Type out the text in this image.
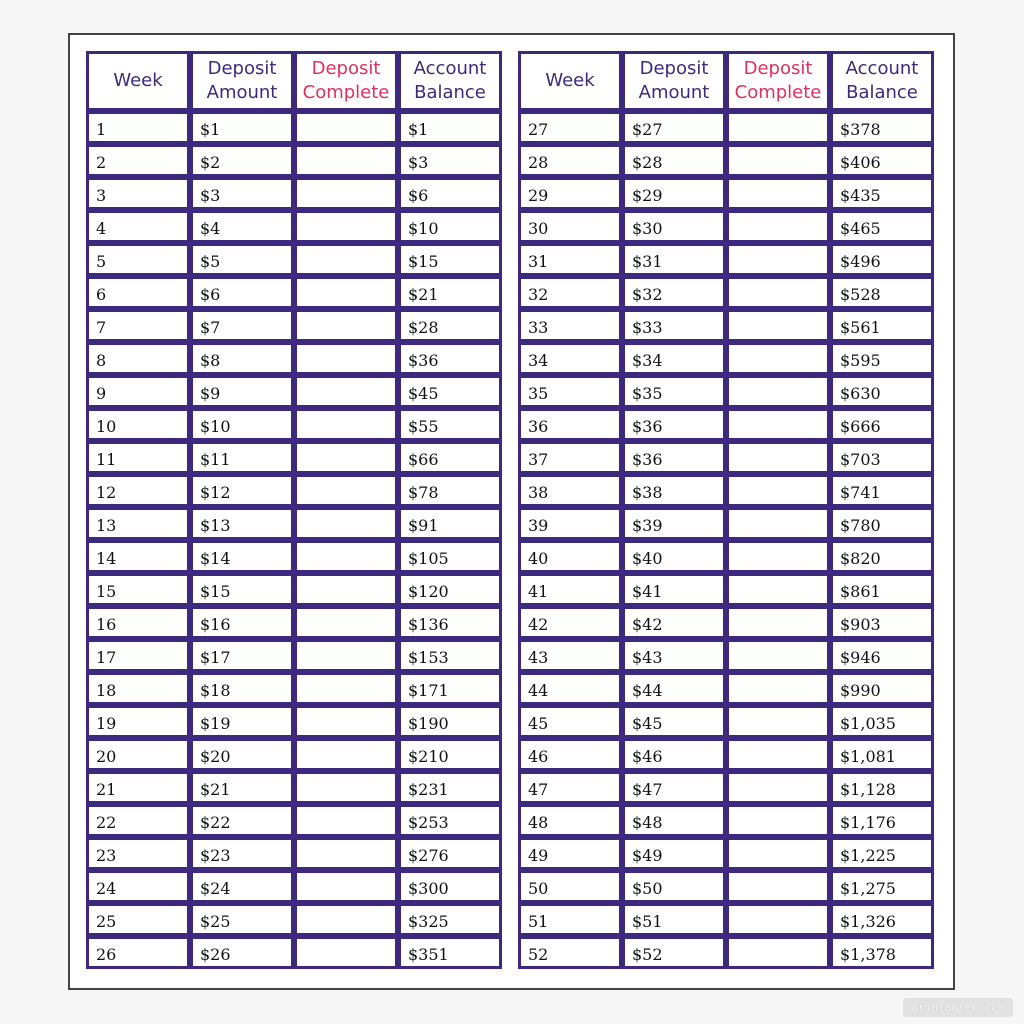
Week	Deposit Amount	Deposit Complete	Account Balance
1	$1		$1
2	$2		$3
3	$3		$6
4	$4		$10
5	$5		$15
6	$6		$21
7	$7		$28
8	$8		$36
9	$9		$45
10	$10		$55
11	$11		$66
12	$12		$78
13	$13		$91
14	$14		$105
15	$15		$120
16	$16		$136
17	$17		$153
18	$18		$171
19	$19		$190
20	$20		$210
21	$21		$231
22	$22		$253
23	$23		$276
24	$24		$300
25	$25		$325
26	$26		$351
Week	Deposit Amount	Deposit Complete	Account Balance
27	$27		$378
28	$28		$406
29	$29		$435
30	$30		$465
31	$31		$496
32	$32		$528
33	$33		$561
34	$34		$595
35	$35		$630
36	$36		$666
37	$36		$703
38	$38		$741
39	$39		$780
40	$40		$820
41	$41		$861
42	$42		$903
43	$43		$946
44	$44		$990
45	$45		$1,035
46	$46		$1,081
47	$47		$1,128
48	$48		$1,176
49	$49		$1,225
50	$50		$1,275
51	$51		$1,326
52	$52		$1,378
printabler.com
